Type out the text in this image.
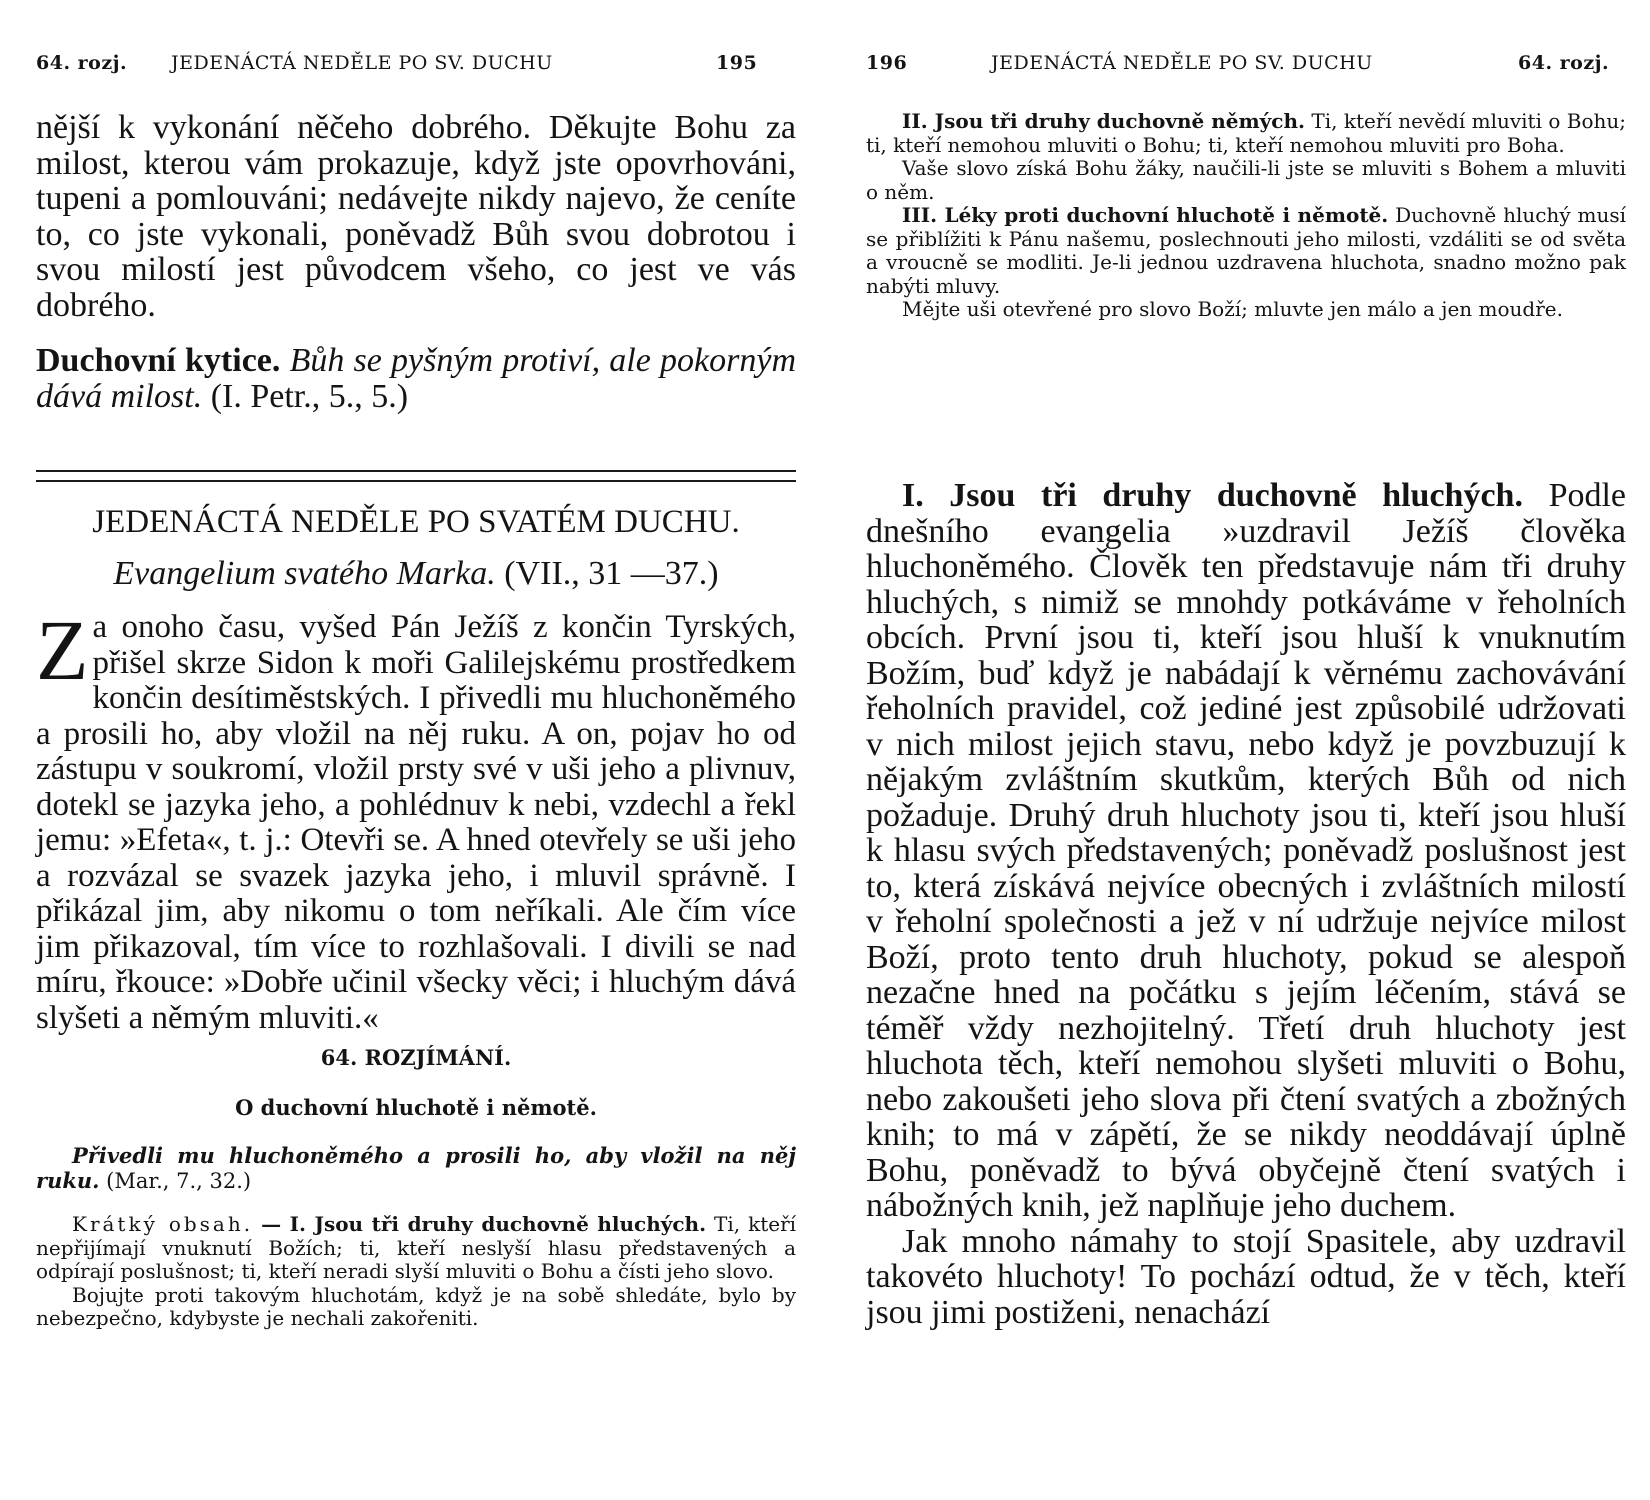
64. rozj. JEDENÁCTÁ NEDĚLE PO SV. DUCHU	195

nější k vykonání něčeho dobrého. Děkujte Bohu za milost, kterou vám prokazuje, když jste opovrhováni, tupeni a pomlouváni; nedávejte nikdy najevo, že ceníte to, co jste vykonali, poněvadž Bůh svou dobrotou i svou milostí jest původcem všeho, co jest ve vás dobrého.

Duchovní kytice. Bůh se pyšným protiví, ale pokorným dává milost. (I. Petr., 5., 5.)

JEDENÁCTÁ NEDĚLE PO SVATÉM DUCHU.

Evangelium svatého Marka. (VII., 31 —37.)

Za onoho času, vyšed Pán Ježíš z končin Tyrských, přišel skrze Sidon k moři Galilejskému prostředkem končin desítiměstských. I přivedli mu hluchoněmého a prosili ho, aby vložil na něj ruku. A on, pojav ho od zástupu v soukromí, vložil prsty své v uši jeho a plivnuv, dotekl se jazyka jeho, a pohlédnuv k nebi, vzdechl a řekl jemu: »Efeta«, t. j.: Otevři se. A hned otevřely se uši jeho a rozvázal se svazek jazyka jeho, i mluvil správně. I přikázal jim, aby nikomu o tom neříkali. Ale čím více jim přikazoval, tím více to rozhlašovali. I divili se nad míru, řkouce: »Dobře učinil všecky věci; i hluchým dává slyšeti a němým mluviti.«

64. ROZJÍMÁNÍ.

O duchovní hluchotě i němotě.

Přivedli mu hluchoněmého a prosili ho, aby vložil na něj ruku. (Mar., 7., 32.)

Krátký obsah. — I. Jsou tři druhy duchovně hluchých. Ti, kteří nepřijímají vnuknutí Božích; ti, kteří neslyší hlasu představených a odpírají poslušnost; ti, kteří neradi slyší mluviti o Bohu a čísti jeho slovo.

Bojujte proti takovým hluchotám, když je na sobě shledáte, bylo by nebezpečno, kdybyste je nechali zakořeniti.

196	JEDENÁCTÁ NEDĚLE PO SV. DUCHU	64. rozj.

II. Jsou tři druhy duchovně němých. Ti, kteří nevědí mluviti o Bohu; ti, kteří nemohou mluviti o Bohu; ti, kteří nemohou mluviti pro Boha.

Vaše slovo získá Bohu žáky, naučili-li jste se mluviti s Bohem a mluviti o něm.

III. Léky proti duchovní hluchotě i němotě. Duchovně hluchý musí se přiblížiti k Pánu našemu, poslechnouti jeho milosti, vzdáliti se od světa a vroucně se modliti. Je-li jednou uzdravena hluchota, snadno možno pak nabýti mluvy.

Mějte uši otevřené pro slovo Boží; mluvte jen málo a jen moudře.

I. Jsou tři druhy duchovně hluchých. Podle dnešního evangelia »uzdravil Ježíš člověka hluchoněmého. Člověk ten představuje nám tři druhy hluchých, s nimiž se mnohdy potkáváme v řeholních obcích. První jsou ti, kteří jsou hluší k vnuknutím Božím, buď když je nabádají k věrnému zachovávání řeholních pravidel, což jediné jest způsobilé udržovati v nich milost jejich stavu, nebo když je povzbuzují k nějakým zvláštním skutkům, kterých Bůh od nich požaduje. Druhý druh hluchoty jsou ti, kteří jsou hluší k hlasu svých představených; poněvadž poslušnost jest to, která získává nejvíce obecných i zvláštních milostí v řeholní společnosti a jež v ní udržuje nejvíce milost Boží, proto tento druh hluchoty, pokud se alespoň nezačne hned na počátku s jejím léčením, stává se téměř vždy nezhojitelný. Třetí druh hluchoty jest hluchota těch, kteří nemohou slyšeti mluviti o Bohu, nebo zakoušeti jeho slova při čtení svatých a zbožných knih; to má v zápětí, že se nikdy neoddávají úplně Bohu, poněvadž to bývá obyčejně čtení svatých i nábožných knih, jež naplňuje jeho duchem.

Jak mnoho námahy to stojí Spasitele, aby uzdravil takovéto hluchoty! To pochází odtud, že v těch, kteří jsou jimi postiženi, nenachází
